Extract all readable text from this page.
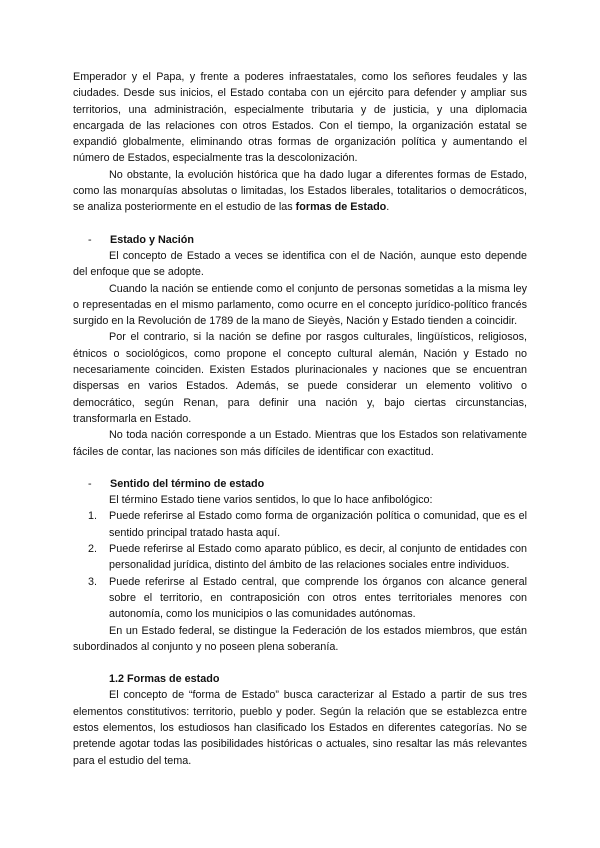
Emperador y el Papa, y frente a poderes infraestatales, como los señores feudales y las ciudades. Desde sus inicios, el Estado contaba con un ejército para defender y ampliar sus territorios, una administración, especialmente tributaria y de justicia, y una diplomacia encargada de las relaciones con otros Estados. Con el tiempo, la organización estatal se expandió globalmente, eliminando otras formas de organización política y aumentando el número de Estados, especialmente tras la descolonización.

No obstante, la evolución histórica que ha dado lugar a diferentes formas de Estado, como las monarquías absolutas o limitadas, los Estados liberales, totalitarios o democráticos, se analiza posteriormente en el estudio de las formas de Estado.

-	Estado y Nación

El concepto de Estado a veces se identifica con el de Nación, aunque esto depende del enfoque que se adopte.

Cuando la nación se entiende como el conjunto de personas sometidas a la misma ley o representadas en el mismo parlamento, como ocurre en el concepto jurídico-político francés surgido en la Revolución de 1789 de la mano de Sieyès, Nación y Estado tienden a coincidir.

Por el contrario, si la nación se define por rasgos culturales, lingüísticos, religiosos, étnicos o sociológicos, como propone el concepto cultural alemán, Nación y Estado no necesariamente coinciden. Existen Estados plurinacionales y naciones que se encuentran dispersas en varios Estados. Además, se puede considerar un elemento volitivo o democrático, según Renan, para definir una nación y, bajo ciertas circunstancias, transformarla en Estado.

No toda nación corresponde a un Estado. Mientras que los Estados son relativamente fáciles de contar, las naciones son más difíciles de identificar con exactitud.

-	Sentido del término de estado

El término Estado tiene varios sentidos, lo que lo hace anfibológico:

1.	Puede referirse al Estado como forma de organización política o comunidad, que es el sentido principal tratado hasta aquí.
2.	Puede referirse al Estado como aparato público, es decir, al conjunto de entidades con personalidad jurídica, distinto del ámbito de las relaciones sociales entre individuos.
3.	Puede referirse al Estado central, que comprende los órganos con alcance general sobre el territorio, en contraposición con otros entes territoriales menores con autonomía, como los municipios o las comunidades autónomas.

En un Estado federal, se distingue la Federación de los estados miembros, que están subordinados al conjunto y no poseen plena soberanía.

1.2 Formas de estado

El concepto de “forma de Estado” busca caracterizar al Estado a partir de sus tres elementos constitutivos: territorio, pueblo y poder. Según la relación que se establezca entre estos elementos, los estudiosos han clasificado los Estados en diferentes categorías. No se pretende agotar todas las posibilidades históricas o actuales, sino resaltar las más relevantes para el estudio del tema.
